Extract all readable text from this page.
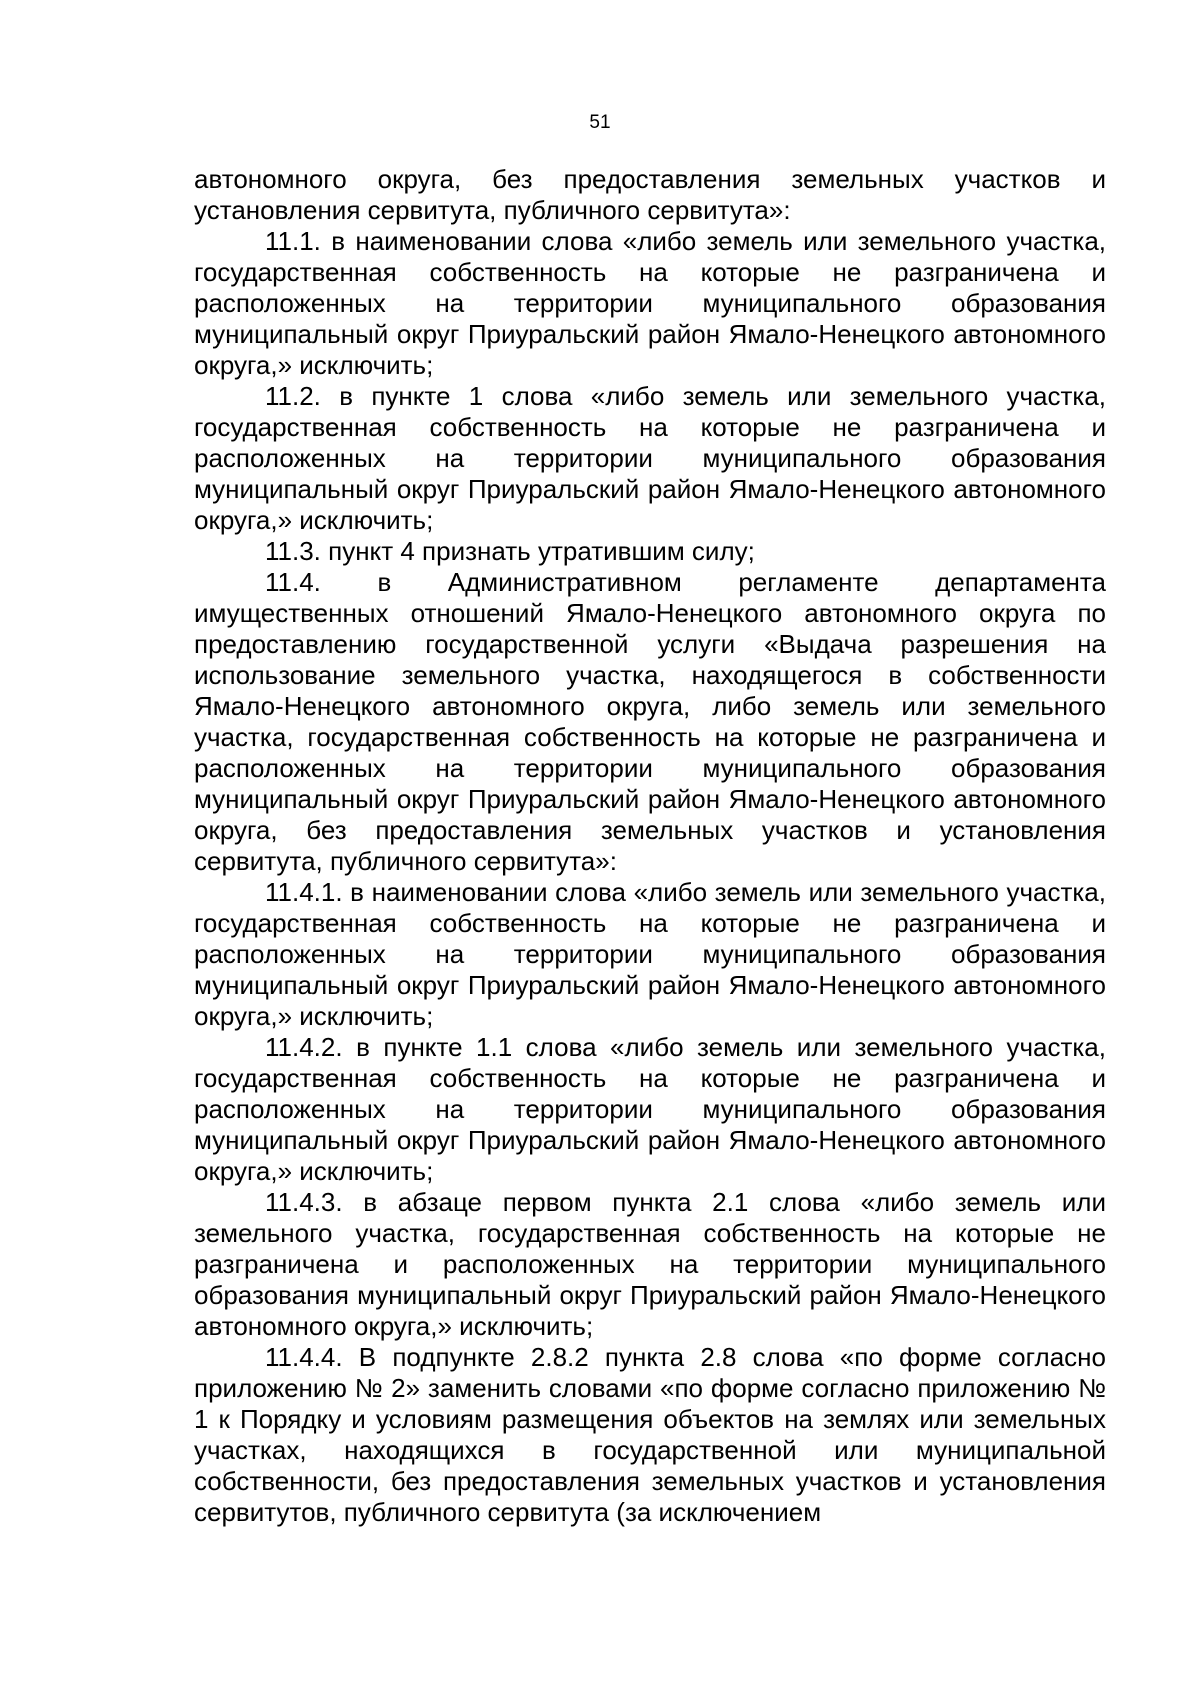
51

автономного округа, без предоставления земельных участков и установления сервитута, публичного сервитута»:

11.1. в наименовании слова «либо земель или земельного участка, государственная собственность на которые не разграничена и расположенных на территории муниципального образования муниципальный округ Приуральский район Ямало-Ненецкого автономного округа,» исключить;

11.2. в пункте 1 слова «либо земель или земельного участка, государственная собственность на которые не разграничена и расположенных на территории муниципального образования муниципальный округ Приуральский район Ямало-Ненецкого автономного округа,» исключить;

11.3. пункт 4 признать утратившим силу;

11.4. в Административном регламенте департамента имущественных отношений Ямало-Ненецкого автономного округа по предоставлению государственной услуги «Выдача разрешения на использование земельного участка, находящегося в собственности Ямало-Ненецкого автономного округа, либо земель или земельного участка, государственная собственность на которые не разграничена и расположенных на территории муниципального образования муниципальный округ Приуральский район Ямало-Ненецкого автономного округа, без предоставления земельных участков и установления сервитута, публичного сервитута»:

11.4.1. в наименовании слова «либо земель или земельного участка, государственная собственность на которые не разграничена и расположенных на территории муниципального образования муниципальный округ Приуральский район Ямало-Ненецкого автономного округа,» исключить;

11.4.2. в пункте 1.1 слова «либо земель или земельного участка, государственная собственность на которые не разграничена и расположенных на территории муниципального образования муниципальный округ Приуральский район Ямало-Ненецкого автономного округа,» исключить;

11.4.3. в абзаце первом пункта 2.1 слова «либо земель или земельного участка, государственная собственность на которые не разграничена и расположенных на территории муниципального образования муниципальный округ Приуральский район Ямало-Ненецкого автономного округа,» исключить;

11.4.4. В подпункте 2.8.2 пункта 2.8 слова «по форме согласно приложению № 2» заменить словами «по форме согласно приложению № 1 к Порядку и условиям размещения объектов на землях или земельных участках, находящихся в государственной или муниципальной собственности, без предоставления земельных участков и установления сервитутов, публичного сервитута (за исключением
